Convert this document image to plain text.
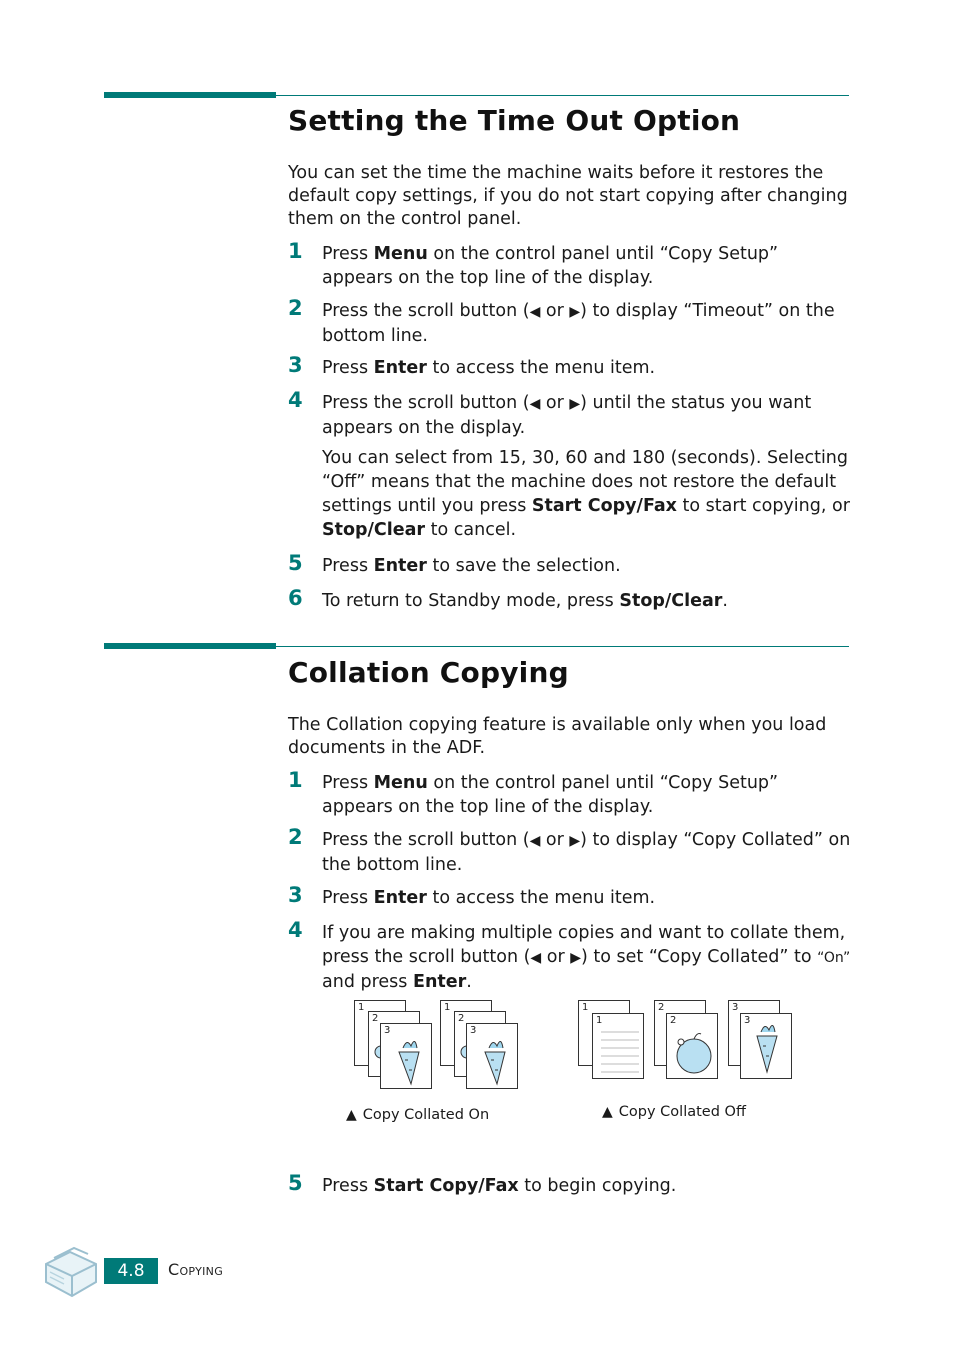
Setting the Time Out Option

You can set the time the machine waits before it restores the default copy settings, if you do not start copying after changing them on the control panel.

1 Press Menu on the control panel until “Copy Setup” appears on the top line of the display.
2 Press the scroll button (◀ or ▶) to display “Timeout” on the bottom line.
3 Press Enter to access the menu item.
4 Press the scroll button (◀ or ▶) until the status you want appears on the display.
You can select from 15, 30, 60 and 180 (seconds). Selecting “Off” means that the machine does not restore the default settings until you press Start Copy/Fax to start copying, or Stop/Clear to cancel.
5 Press Enter to save the selection.
6 To return to Standby mode, press Stop/Clear.
Collation Copying

The Collation copying feature is available only when you load documents in the ADF.

1 Press Menu on the control panel until “Copy Setup” appears on the top line of the display.
2 Press the scroll button (◀ or ▶) to display “Copy Collated” on the bottom line.
3 Press Enter to access the menu item.
4 If you are making multiple copies and want to collate them, press the scroll button (◀ or ▶) to set “Copy Collated” to “On” and press Enter.
1
2
3
1
2
3
▲ Copy Collated On
1
1
2
2
3
3
▲ Copy Collated Off
5 Press Start Copy/Fax to begin copying.
4.8	Copying
